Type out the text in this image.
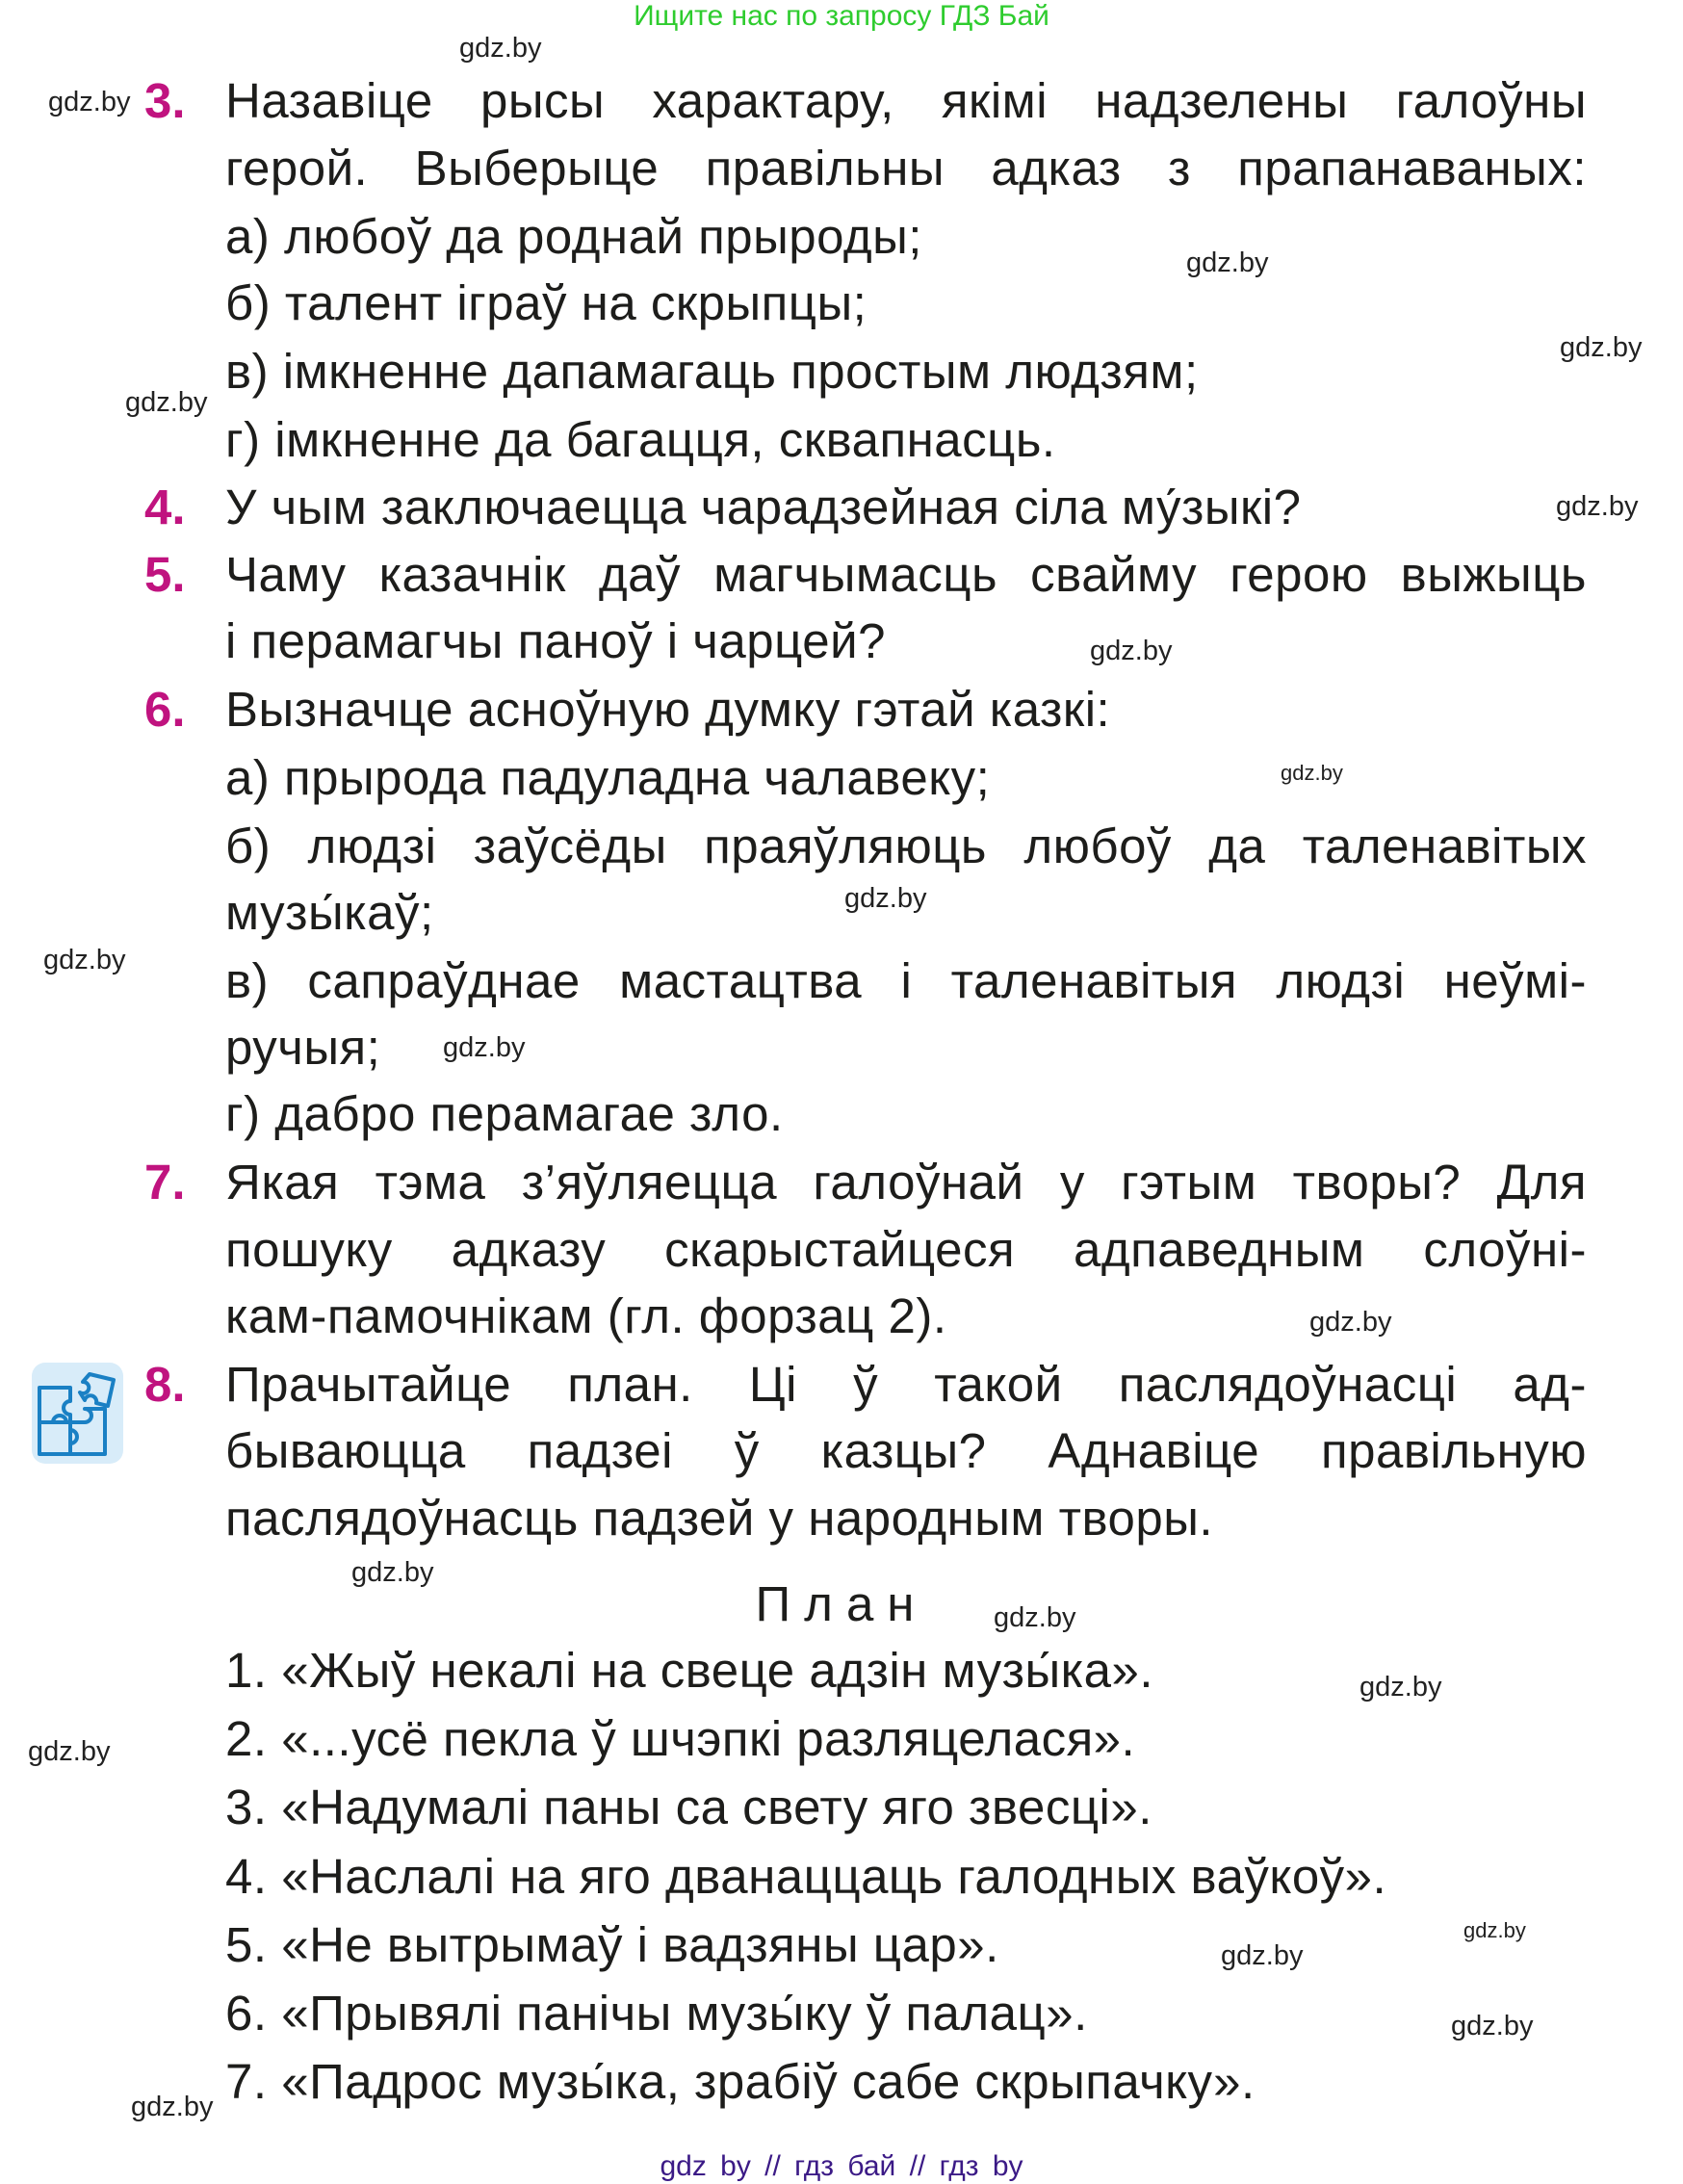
Ищите нас по запросу ГДЗ Бай
3. Назавіце рысы характару, якімі надзелены галоўны
герой. Выберыце правільны адказ з прапанаваных:
а) любоў да роднай прыроды;
б) талент іграў на скрыпцы;
в) імкненне дапамагаць простым людзям;
г) імкненне да багацця, сквапнасць.
4. У чым заключаецца чарадзейная сіла му́зыкі?
5. Чаму казачнік даў магчымасць свайму герою выжыць
і перамагчы паноў і чарцей?
6. Вызначце асноўную думку гэтай казкі:
а) прырода падуладна чалавеку;
б) людзі заўсёды праяўляюць любоў да таленавітых
музы́каў;
в) сапраўднае мастацтва і таленавітыя людзі неўмі-
ручыя;
г) дабро перамагае зло.
7. Якая тэма з’яўляецца галоўнай у гэтым творы? Для
пошуку адказу скарыстайцеся адпаведным слоўні-
кам-памочнікам (гл. форзац 2).
8. Прачытайце план. Ці ў такой паслядоўнасці ад-
бываюцца падзеі ў казцы? Аднавіце правільную
паслядоўнасць падзей у народным творы.
План
1. «Жыў некалі на свеце адзін музы́ка».
2. «...усё пекла ў шчэпкі разляцелася».
3. «Надумалі паны са свету яго звесці».
4. «Наслалі на яго дванаццаць галодных ваўкоў».
5. «Не вытрымаў і вадзяны цар».
6. «Прывялі панічы музы́ку ў палац».
7. «Падрос музы́ка, зрабіў сабе скрыпачку».
gdz.by
gdz.by
gdz.by
gdz.by
gdz.by
gdz.by
gdz.by
gdz.by
gdz.by
gdz.by
gdz.by
gdz.by
gdz.by
gdz.by
gdz.by
gdz.by
gdz.by
gdz.by
gdz.by
gdz.by
gdz by // гдз бай // гдз by
